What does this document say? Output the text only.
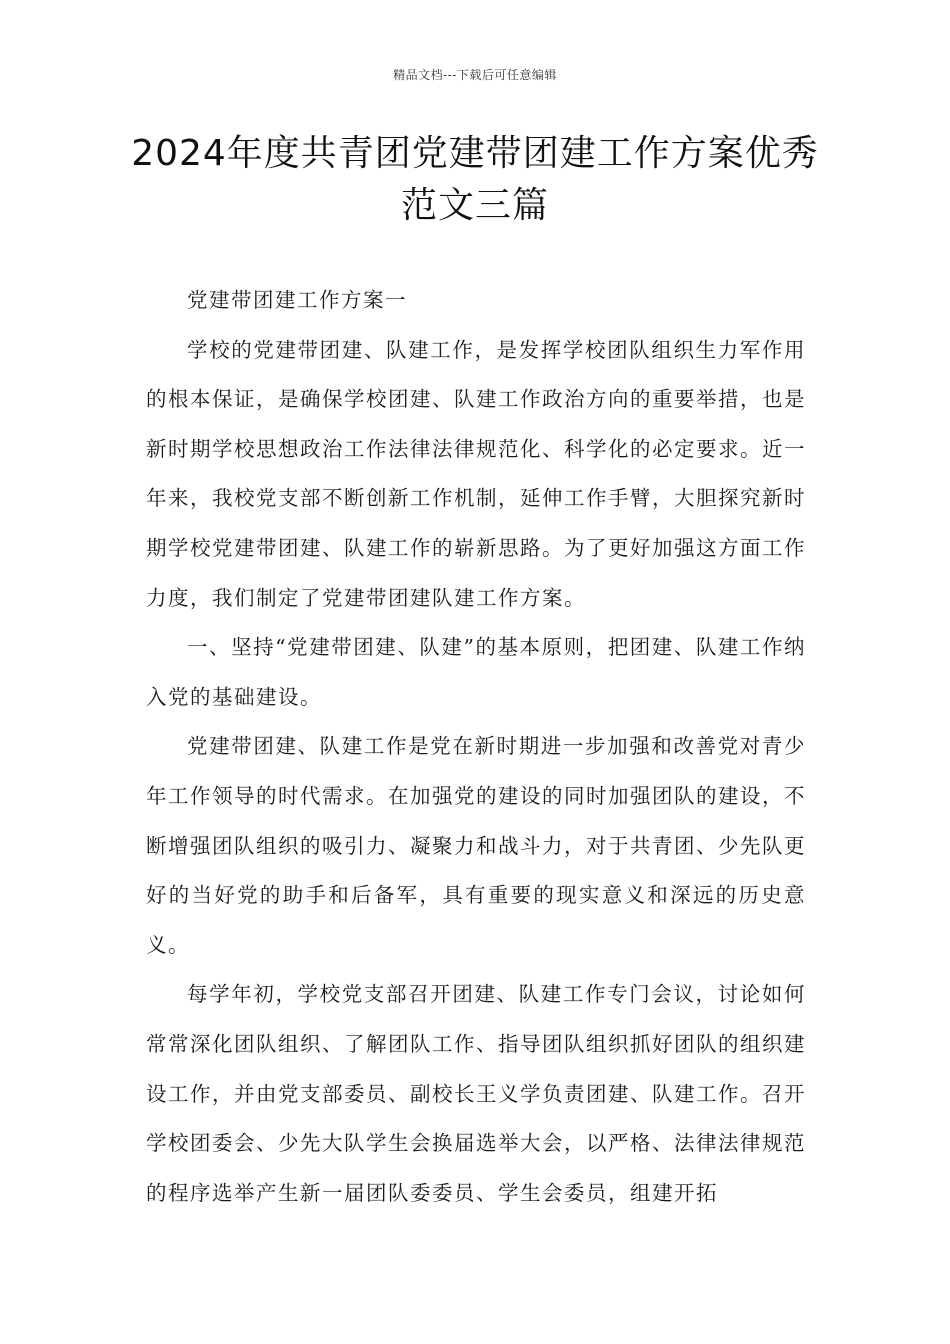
精品文档---下载后可任意编辑
2024年度共青团党建带团建工作方案优秀范文三篇

党建带团建工作方案一

学校的党建带团建、队建工作，是发挥学校团队组织生力军作用的根本保证，是确保学校团建、队建工作政治方向的重要举措，也是新时期学校思想政治工作法律法律规范化、科学化的必定要求。近一年来，我校党支部不断创新工作机制，延伸工作手臂，大胆探究新时期学校党建带团建、队建工作的崭新思路。为了更好加强这方面工作力度，我们制定了党建带团建队建工作方案。

一、坚持“党建带团建、队建”的基本原则，把团建、队建工作纳入党的基础建设。

党建带团建、队建工作是党在新时期进一步加强和改善党对青少年工作领导的时代需求。在加强党的建设的同时加强团队的建设，不断增强团队组织的吸引力、凝聚力和战斗力，对于共青团、少先队更好的当好党的助手和后备军，具有重要的现实意义和深远的历史意义。

每学年初，学校党支部召开团建、队建工作专门会议，讨论如何常常深化团队组织、了解团队工作、指导团队组织抓好团队的组织建设工作，并由党支部委员、副校长王义学负责团建、队建工作。召开学校团委会、少先大队学生会换届选举大会，以严格、法律法律规范的程序选举产生新一届团队委委员、学生会委员，组建开拓
